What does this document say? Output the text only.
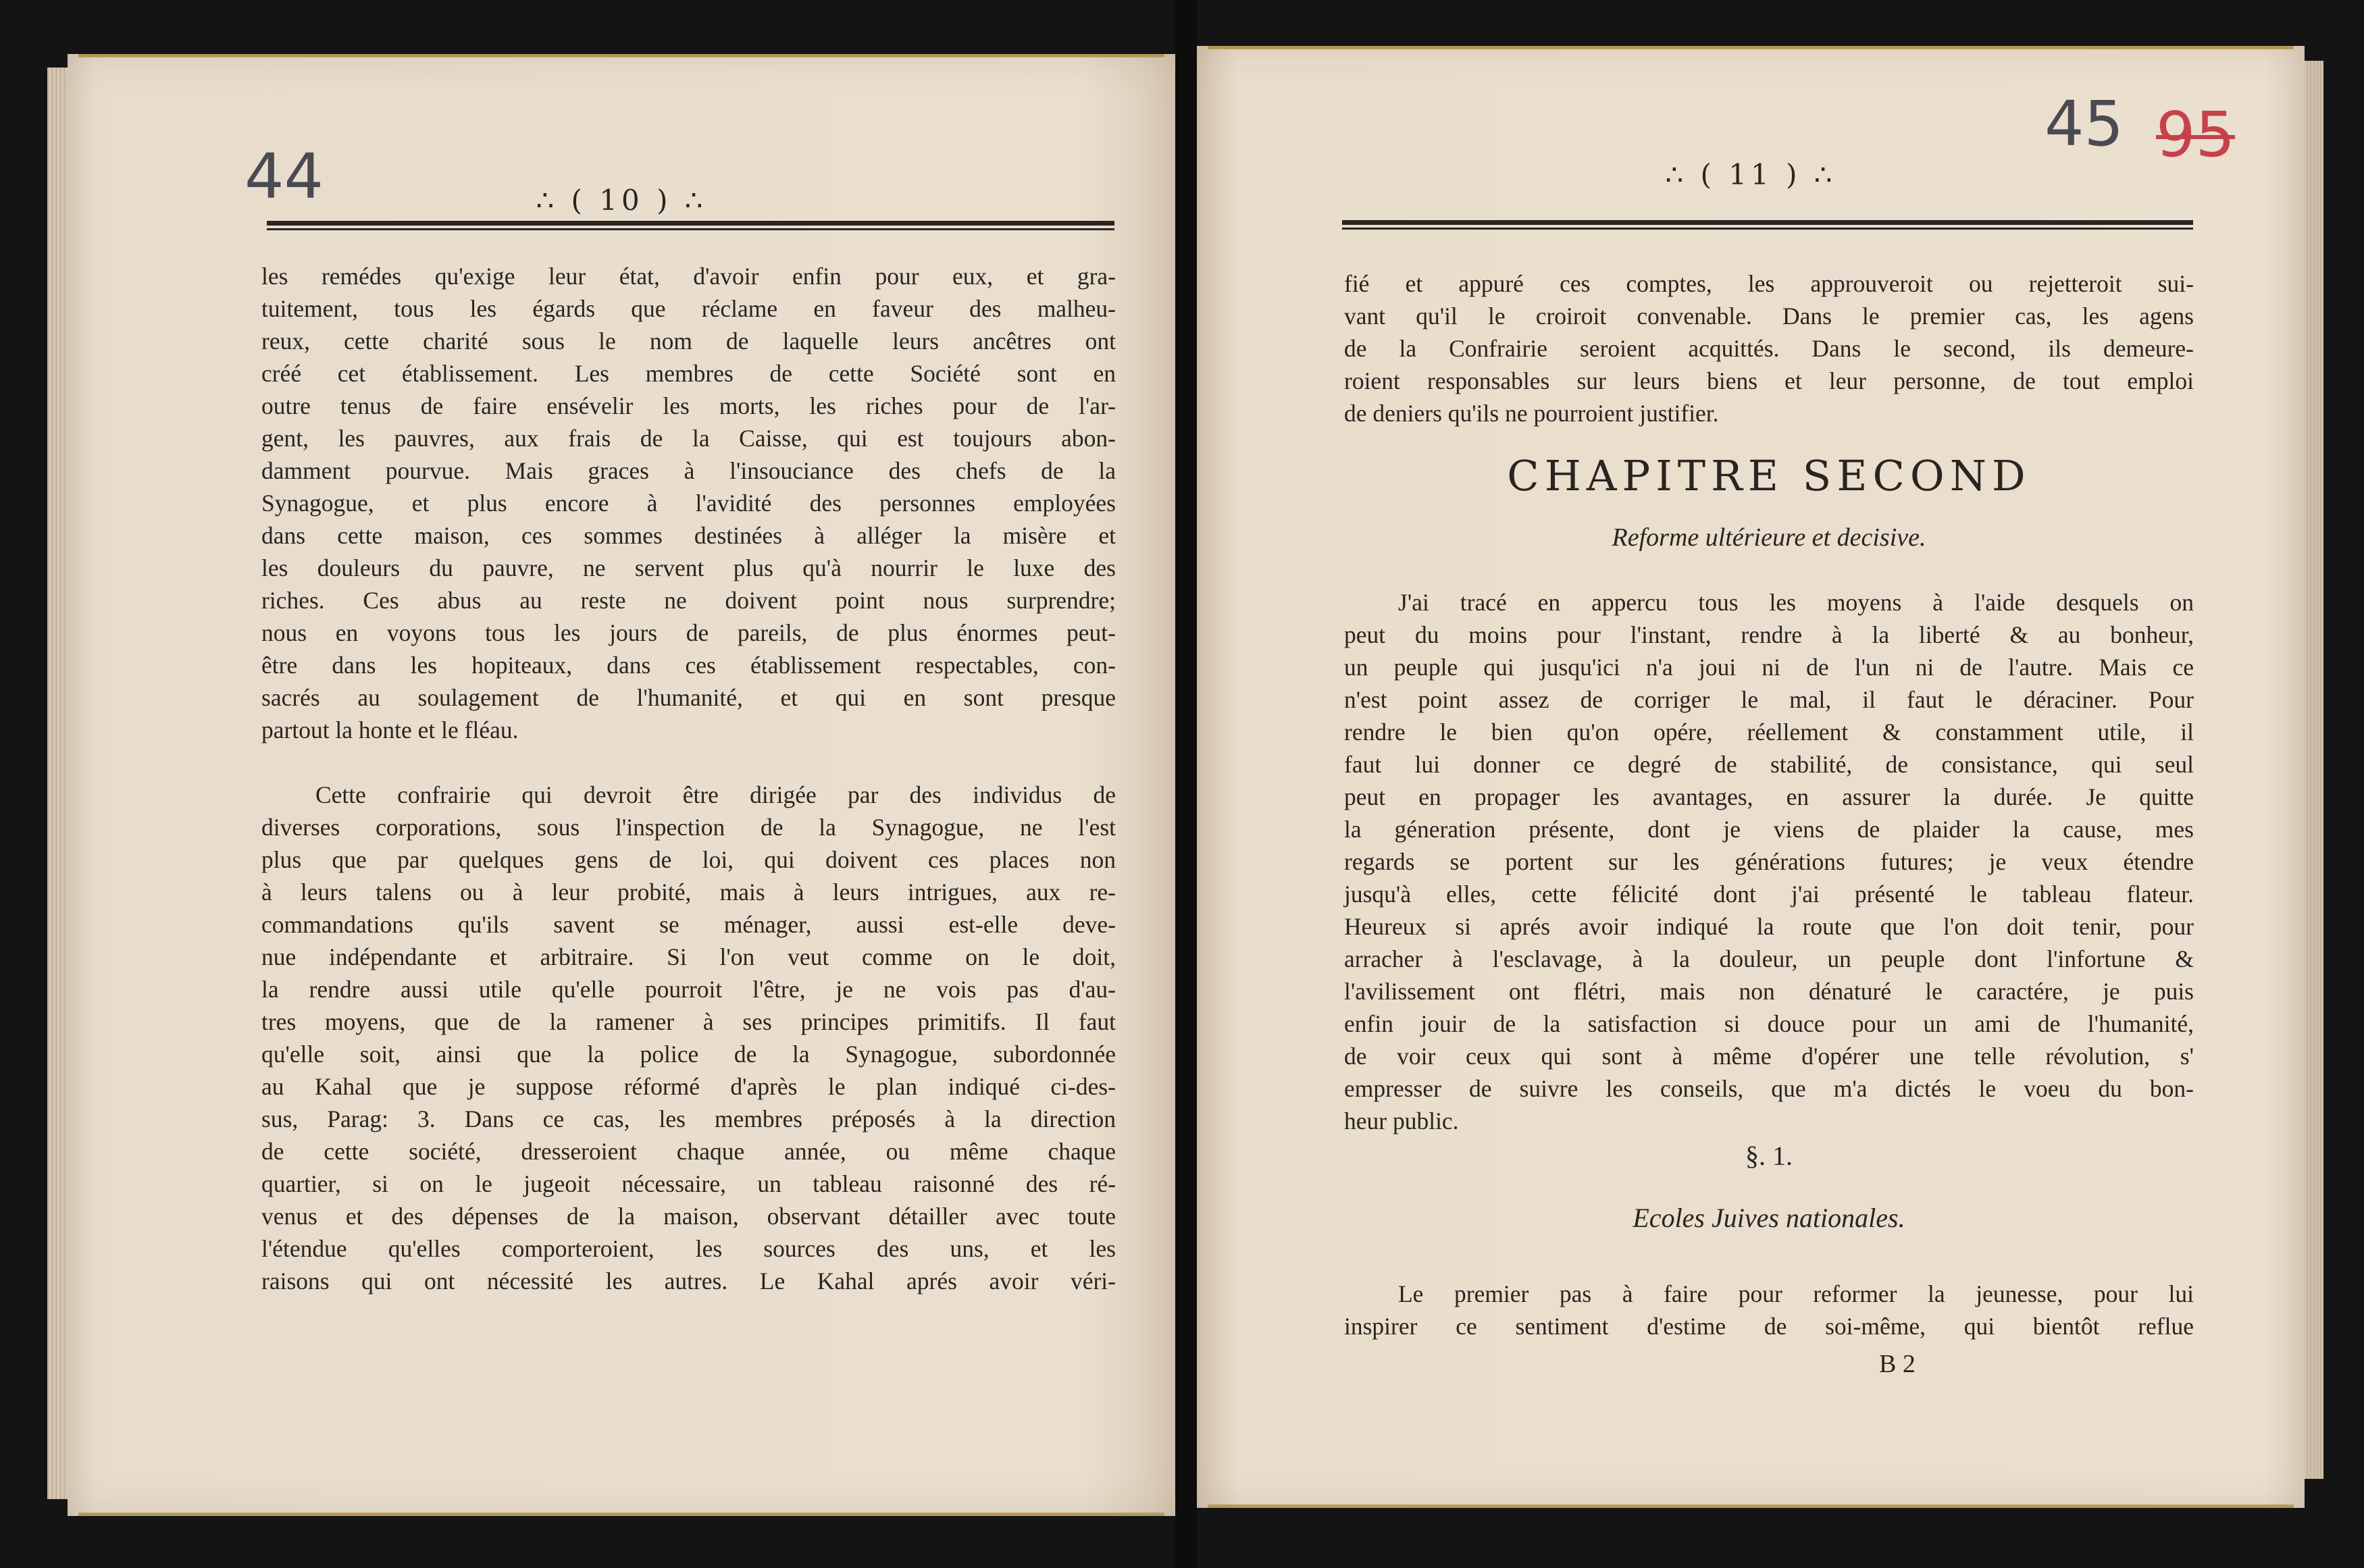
44	∴ ( 10 ) ∴
les remédes qu'exige leur état, d'avoir enfin pour eux, et gra-
tuitement, tous les égards que réclame en faveur des malheu-
reux, cette charité sous le nom de laquelle leurs ancêtres ont
créé cet établissement. Les membres de cette Société sont en
outre tenus de faire ensévelir les morts, les riches pour de l'ar-
gent, les pauvres, aux frais de la Caisse, qui est toujours abon-
damment pourvue. Mais graces à l'insouciance des chefs de la
Synagogue, et plus encore à l'avidité des personnes employées
dans cette maison, ces sommes destinées à alléger la misère et
les douleurs du pauvre, ne servent plus qu'à nourrir le luxe des
riches. Ces abus au reste ne doivent point nous surprendre;
nous en voyons tous les jours de pareils, de plus énormes peut-
être dans les hopiteaux, dans ces établissement respectables, con-
sacrés au soulagement de l'humanité, et qui en sont presque
partout la honte et le fléau.
Cette confrairie qui devroit être dirigée par des individus de
diverses corporations, sous l'inspection de la Synagogue, ne l'est
plus que par quelques gens de loi, qui doivent ces places non
à leurs talens ou à leur probité, mais à leurs intrigues, aux re-
commandations qu'ils savent se ménager, aussi est-elle deve-
nue indépendante et arbitraire. Si l'on veut comme on le doit,
la rendre aussi utile qu'elle pourroit l'être, je ne vois pas d'au-
tres moyens, que de la ramener à ses principes primitifs. Il faut
qu'elle soit, ainsi que la police de la Synagogue, subordonnée
au Kahal que je suppose réformé d'après le plan indiqué ci-des-
sus, Parag: 3. Dans ce cas, les membres préposés à la direction
de cette société, dresseroient chaque année, ou même chaque
quartier, si on le jugeoit nécessaire, un tableau raisonné des ré-
venus et des dépenses de la maison, observant détailler avec toute
l'étendue qu'elles comporteroient, les sources des uns, et les
raisons qui ont nécessité les autres. Le Kahal aprés avoir véri-
45 95
∴ ( 11 ) ∴
fié et appuré ces comptes, les approuveroit ou rejetteroit sui-
vant qu'il le croiroit convenable. Dans le premier cas, les agens
de la Confrairie seroient acquittés. Dans le second, ils demeure-
roient responsables sur leurs biens et leur personne, de tout emploi
de deniers qu'ils ne pourroient justifier.
CHAPITRE SECOND
Reforme ultérieure et decisive.
J'ai tracé en appercu tous les moyens à l'aide desquels on
peut du moins pour l'instant, rendre à la liberté & au bonheur,
un peuple qui jusqu'ici n'a joui ni de l'un ni de l'autre. Mais ce
n'est point assez de corriger le mal, il faut le déraciner. Pour
rendre le bien qu'on opére, réellement & constamment utile, il
faut lui donner ce degré de stabilité, de consistance, qui seul
peut en propager les avantages, en assurer la durée. Je quitte
la géneration présente, dont je viens de plaider la cause, mes
regards se portent sur les générations futures; je veux étendre
jusqu'à elles, cette félicité dont j'ai présenté le tableau flateur.
Heureux si aprés avoir indiqué la route que l'on doit tenir, pour
arracher à l'esclavage, à la douleur, un peuple dont l'infortune &
l'avilissement ont flétri, mais non dénaturé le caractére, je puis
enfin jouir de la satisfaction si douce pour un ami de l'humanité,
de voir ceux qui sont à même d'opérer une telle révolution, s'
empresser de suivre les conseils, que m'a dictés le voeu du bon-
heur public.
§. 1.
Ecoles Juives nationales.
Le premier pas à faire pour reformer la jeunesse, pour lui
inspirer ce sentiment d'estime de soi-même, qui bientôt reflue
B 2
